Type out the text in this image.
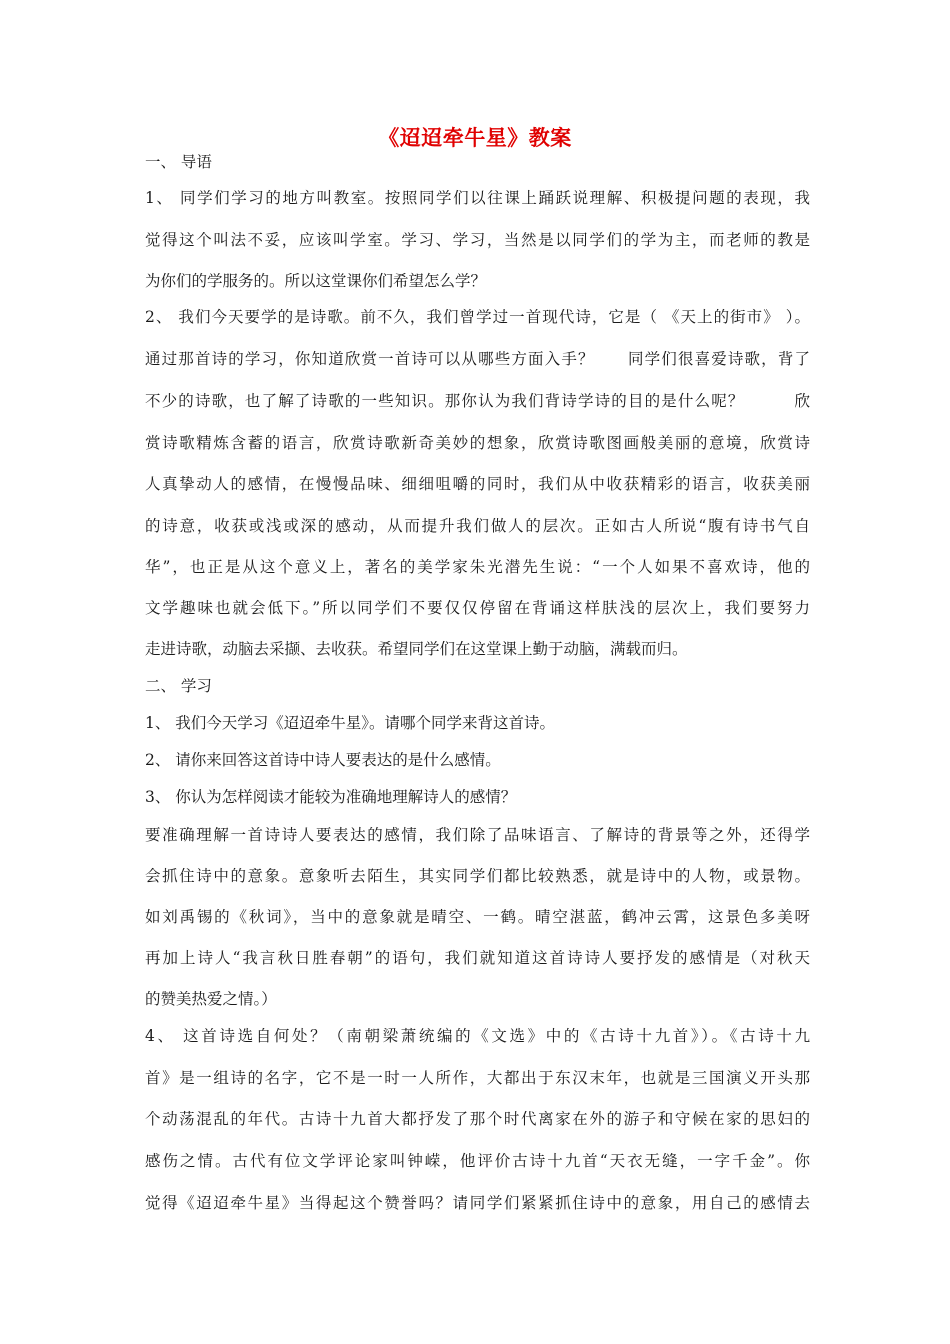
《迢迢牵牛星》教案
一、 导语
1、 同学们学习的地方叫教室。按照同学们以往课上踊跃说理解、积极提问题的表现，我
觉得这个叫法不妥，应该叫学室。学习、学习，当然是以同学们的学为主，而老师的教是
为你们的学服务的。所以这堂课你们希望怎么学？
2、 我们今天要学的是诗歌。前不久，我们曾学过一首现代诗，它是（ 《天上的街市》 ）。
通过那首诗的学习，你知道欣赏一首诗可以从哪些方面入手？　　同学们很喜爱诗歌，背了
不少的诗歌，也了解了诗歌的一些知识。那你认为我们背诗学诗的目的是什么呢？　　　欣
赏诗歌精炼含蓄的语言，欣赏诗歌新奇美妙的想象，欣赏诗歌图画般美丽的意境，欣赏诗
人真挚动人的感情，在慢慢品味、细细咀嚼的同时，我们从中收获精彩的语言，收获美丽
的诗意，收获或浅或深的感动，从而提升我们做人的层次。正如古人所说“腹有诗书气自
华”，也正是从这个意义上，著名的美学家朱光潜先生说：“一个人如果不喜欢诗，他的
文学趣味也就会低下。”所以同学们不要仅仅停留在背诵这样肤浅的层次上，我们要努力
走进诗歌，动脑去采撷、去收获。希望同学们在这堂课上勤于动脑，满载而归。
二、 学习
1、 我们今天学习《迢迢牵牛星》。请哪个同学来背这首诗。
2、 请你来回答这首诗中诗人要表达的是什么感情。
3、 你认为怎样阅读才能较为准确地理解诗人的感情？
要准确理解一首诗诗人要表达的感情，我们除了品味语言、了解诗的背景等之外，还得学
会抓住诗中的意象。意象听去陌生，其实同学们都比较熟悉，就是诗中的人物，或景物。
如刘禹锡的《秋词》，当中的意象就是晴空、一鹤。晴空湛蓝，鹤冲云霄，这景色多美呀
再加上诗人“我言秋日胜春朝”的语句，我们就知道这首诗诗人要抒发的感情是（对秋天
的赞美热爱之情。）
4、 这首诗选自何处？（南朝梁萧统编的《文选》中的《古诗十九首》）。《古诗十九
首》是一组诗的名字，它不是一时一人所作，大都出于东汉末年，也就是三国演义开头那
个动荡混乱的年代。古诗十九首大都抒发了那个时代离家在外的游子和守候在家的思妇的
感伤之情。古代有位文学评论家叫钟嵘，他评价古诗十九首“天衣无缝，一字千金”。你
觉得《迢迢牵牛星》当得起这个赞誉吗？请同学们紧紧抓住诗中的意象，用自己的感情去
